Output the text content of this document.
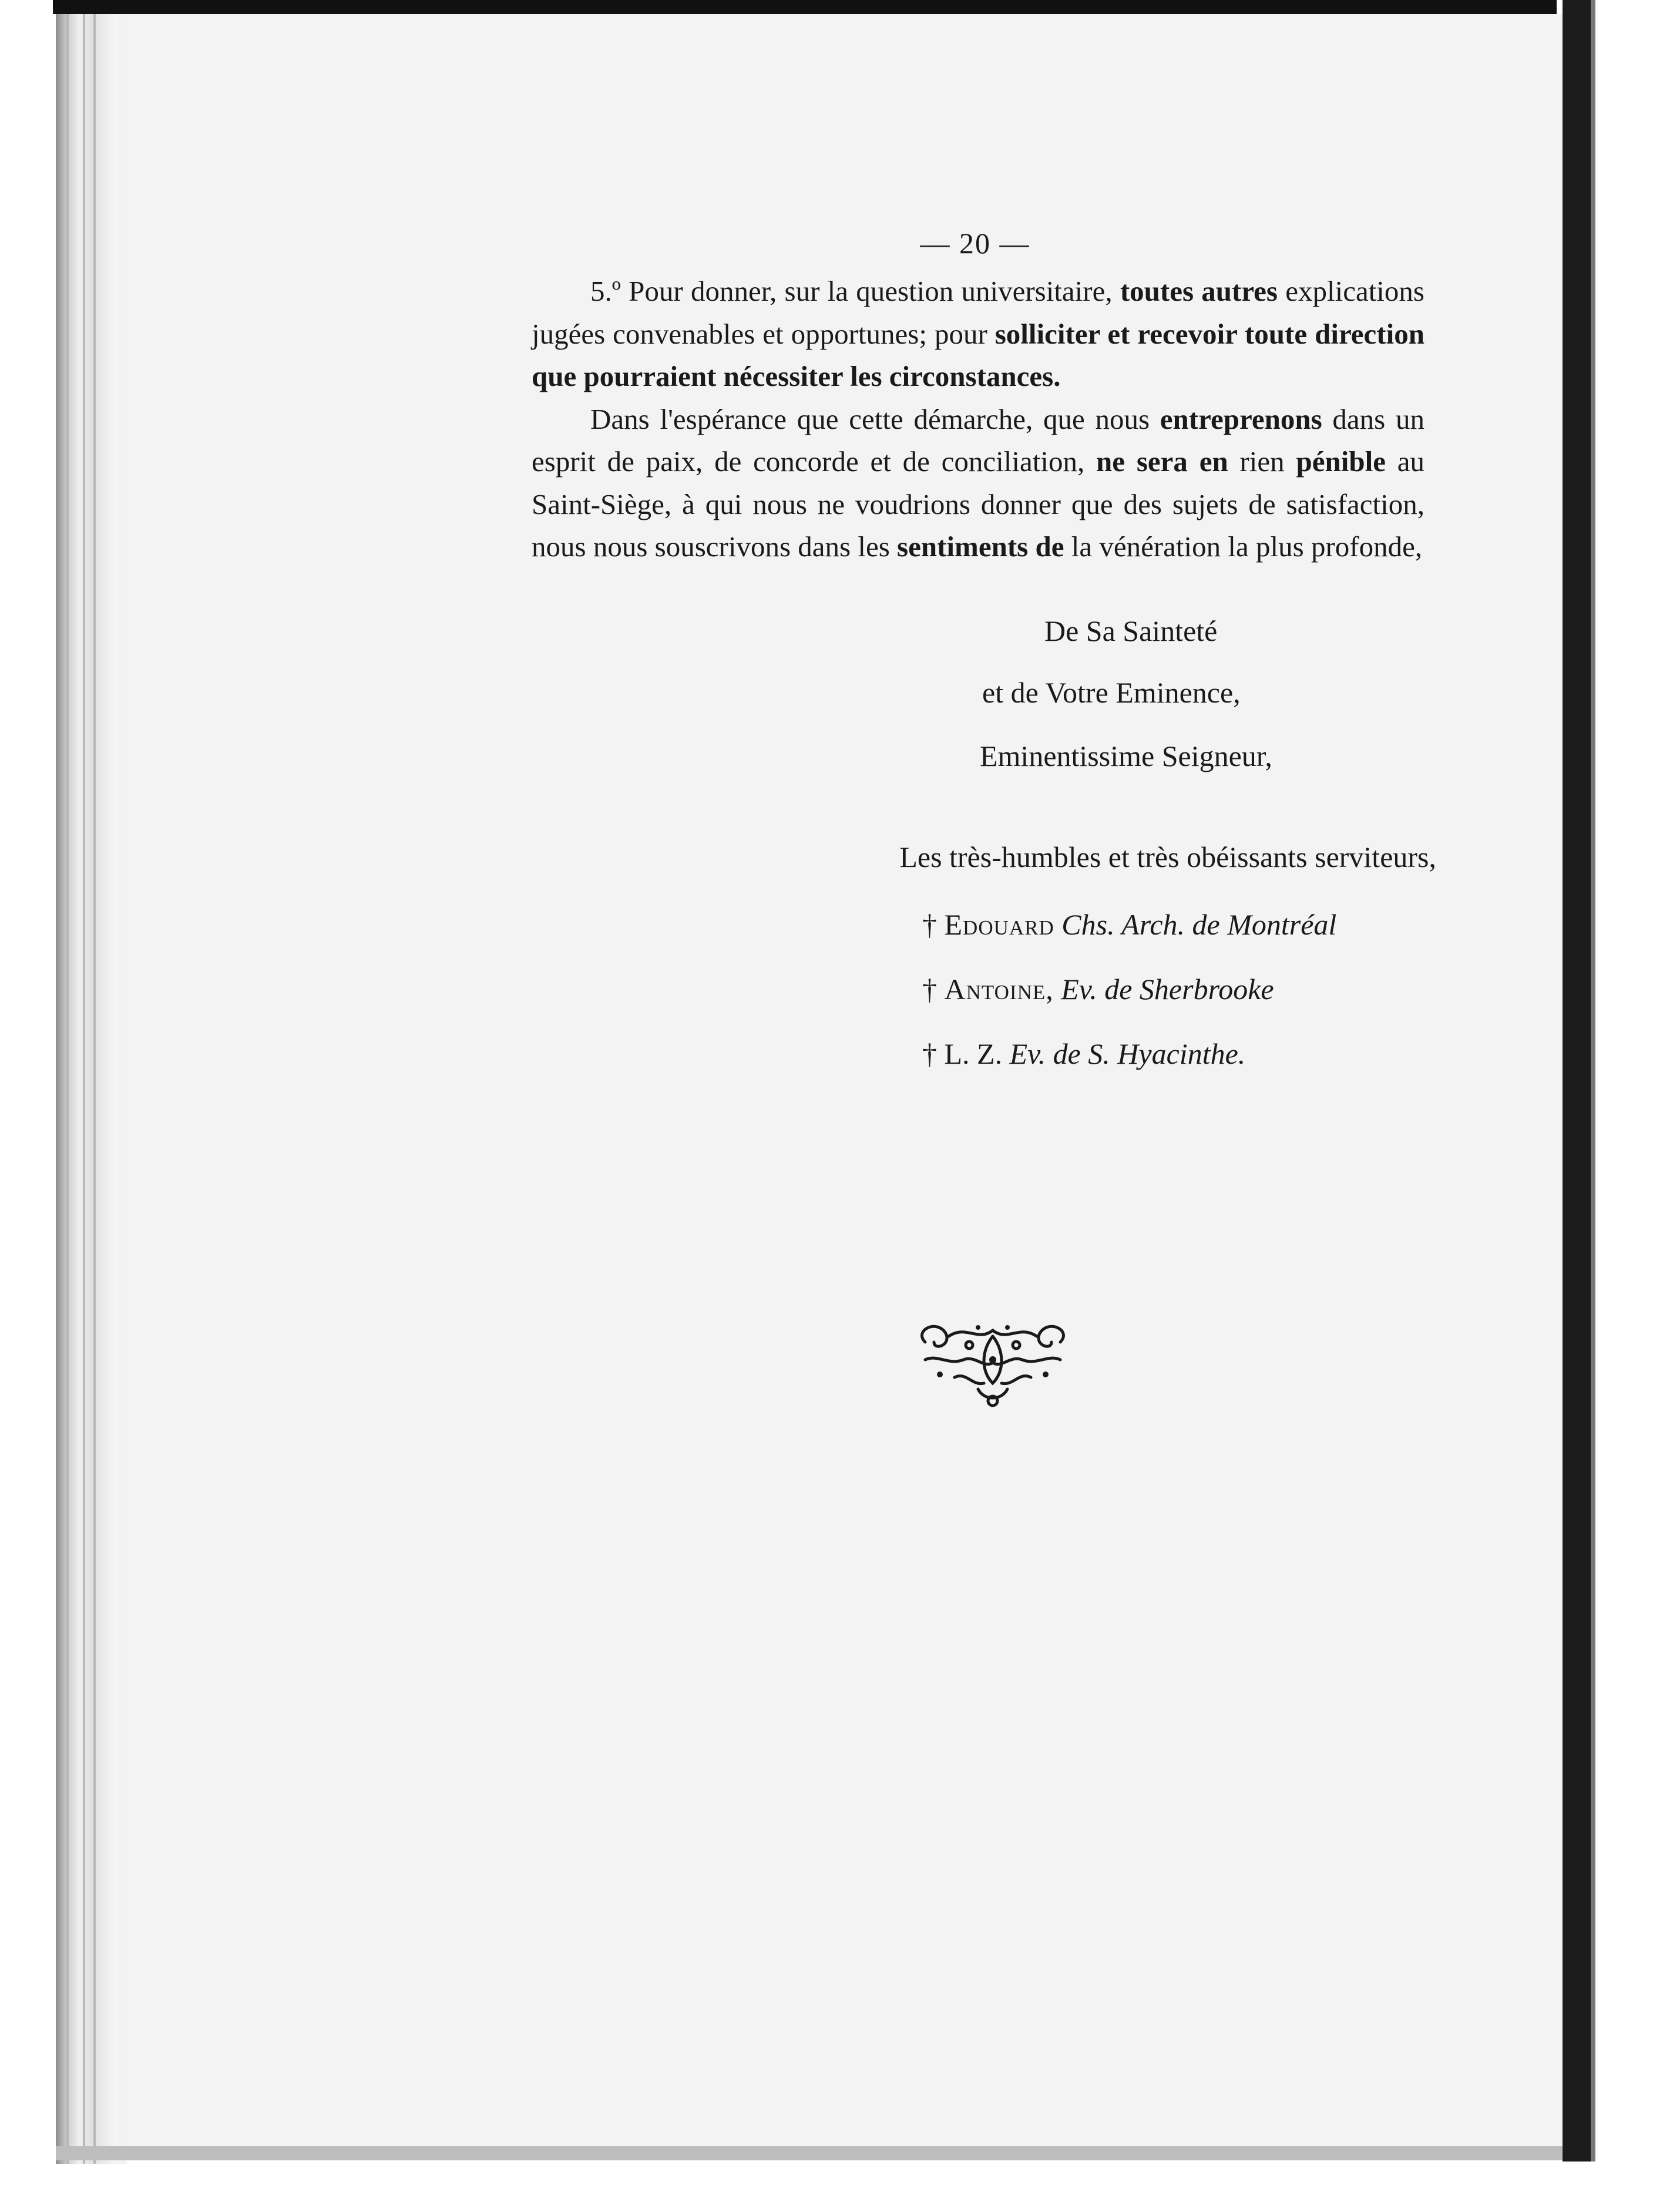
— 20 —

5.º Pour donner, sur la question universitaire, toutes autres explications jugées convenables et opportunes; pour solliciter et recevoir toute direction que pourraient nécessiter les circonstances.

Dans l'espérance que cette démarche, que nous entreprenons dans un esprit de paix, de concorde et de conciliation, ne sera en rien pénible au Saint-Siège, à qui nous ne voudrions donner que des sujets de satisfaction, nous nous souscrivons dans les sentiments de la vénération la plus profonde,

De Sa Sainteté
et de Votre Eminence,
Eminentissime Seigneur,
Les très-humbles et très obéissants serviteurs,
† Edouard Chs. Arch. de Montréal
† Antoine, Ev. de Sherbrooke
† L. Z. Ev. de S. Hyacinthe.
